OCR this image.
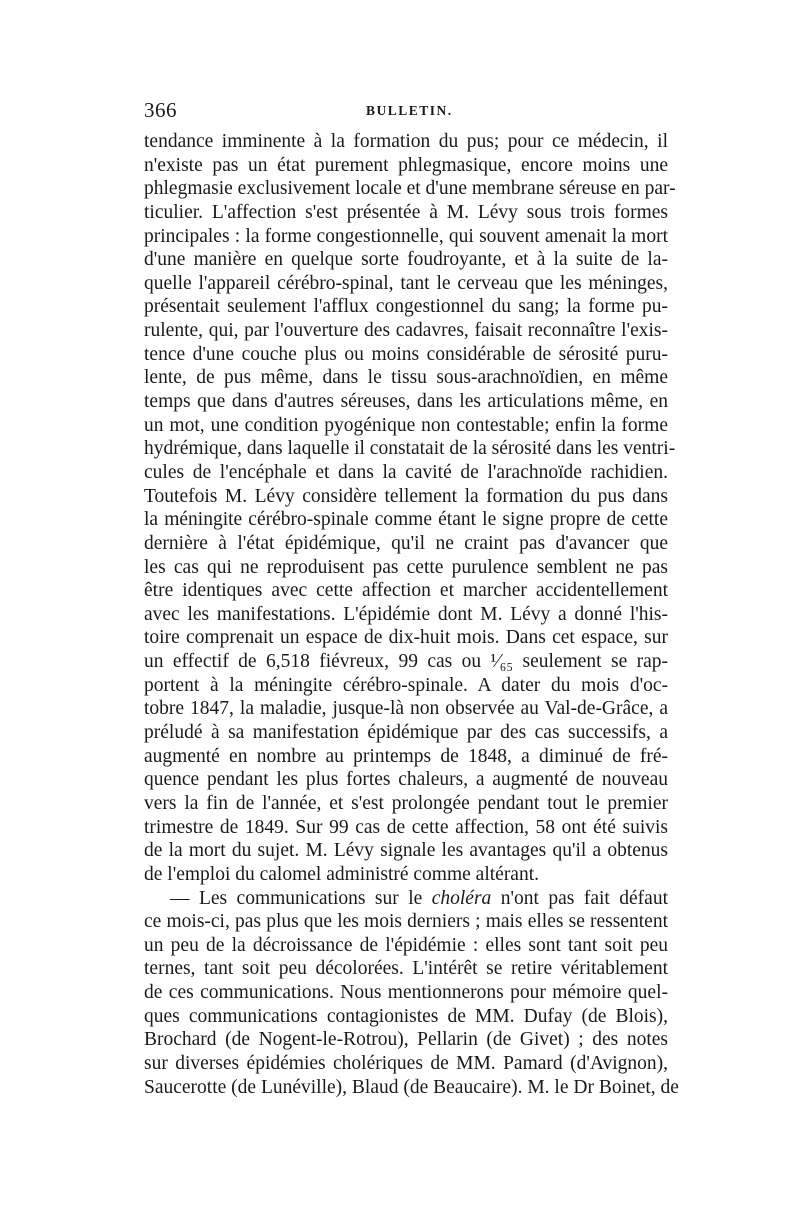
366	BULLETIN.
tendance imminente à la formation du pus; pour ce médecin, il
n'existe pas un état purement phlegmasique, encore moins une
phlegmasie exclusivement locale et d'une membrane séreuse en par-
ticulier. L'affection s'est présentée à M. Lévy sous trois formes
principales : la forme congestionnelle, qui souvent amenait la mort
d'une manière en quelque sorte foudroyante, et à la suite de la-
quelle l'appareil cérébro-spinal, tant le cerveau que les méninges,
présentait seulement l'afflux congestionnel du sang; la forme pu-
rulente, qui, par l'ouverture des cadavres, faisait reconnaître l'exis-
tence d'une couche plus ou moins considérable de sérosité puru-
lente, de pus même, dans le tissu sous-arachnoïdien, en même
temps que dans d'autres séreuses, dans les articulations même, en
un mot, une condition pyogénique non contestable; enfin la forme
hydrémique, dans laquelle il constatait de la sérosité dans les ventri-
cules de l'encéphale et dans la cavité de l'arachnoïde rachidien.
Toutefois M. Lévy considère tellement la formation du pus dans
la méningite cérébro-spinale comme étant le signe propre de cette
dernière à l'état épidémique, qu'il ne craint pas d'avancer que
les cas qui ne reproduisent pas cette purulence semblent ne pas
être identiques avec cette affection et marcher accidentellement
avec les manifestations. L'épidémie dont M. Lévy a donné l'his-
toire comprenait un espace de dix-huit mois. Dans cet espace, sur
un effectif de 6,518 fiévreux, 99 cas ou ¹⁄₆₅ seulement se rap-
portent à la méningite cérébro-spinale. A dater du mois d'oc-
tobre 1847, la maladie, jusque-là non observée au Val-de-Grâce, a
préludé à sa manifestation épidémique par des cas successifs, a
augmenté en nombre au printemps de 1848, a diminué de fré-
quence pendant les plus fortes chaleurs, a augmenté de nouveau
vers la fin de l'année, et s'est prolongée pendant tout le premier
trimestre de 1849. Sur 99 cas de cette affection, 58 ont été suivis
de la mort du sujet. M. Lévy signale les avantages qu'il a obtenus
de l'emploi du calomel administré comme altérant.
— Les communications sur le choléra n'ont pas fait défaut
ce mois-ci, pas plus que les mois derniers ; mais elles se ressentent
un peu de la décroissance de l'épidémie : elles sont tant soit peu
ternes, tant soit peu décolorées. L'intérêt se retire véritablement
de ces communications. Nous mentionnerons pour mémoire quel-
ques communications contagionistes de MM. Dufay (de Blois),
Brochard (de Nogent-le-Rotrou), Pellarin (de Givet) ; des notes
sur diverses épidémies cholériques de MM. Pamard (d'Avignon),
Saucerotte (de Lunéville), Blaud (de Beaucaire). M. le Dr Boinet, de
